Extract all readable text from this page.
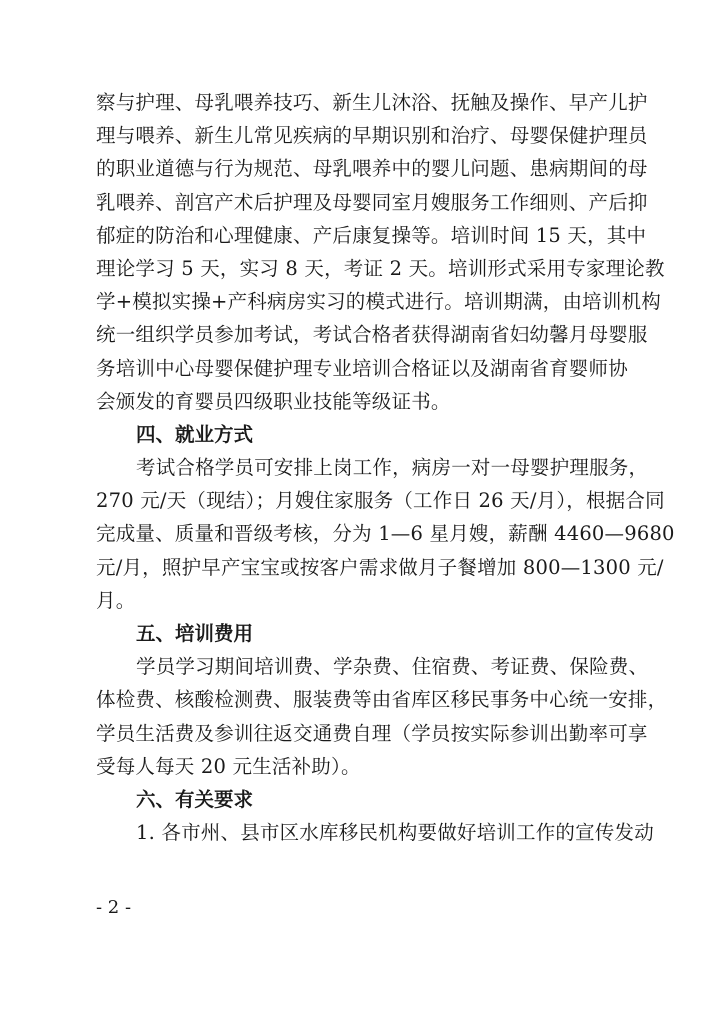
察与护理、母乳喂养技巧、新生儿沐浴、抚触及操作、早产儿护
理与喂养、新生儿常见疾病的早期识别和治疗、母婴保健护理员
的职业道德与行为规范、母乳喂养中的婴儿问题、患病期间的母
乳喂养、剖宫产术后护理及母婴同室月嫂服务工作细则、产后抑
郁症的防治和心理健康、产后康复操等。培训时间 15 天，其中
理论学习 5 天，实习 8 天，考证 2 天。培训形式采用专家理论教
学+模拟实操+产科病房实习的模式进行。培训期满，由培训机构
统一组织学员参加考试，考试合格者获得湖南省妇幼馨月母婴服
务培训中心母婴保健护理专业培训合格证以及湖南省育婴师协
会颁发的育婴员四级职业技能等级证书。
四、就业方式
考试合格学员可安排上岗工作，病房一对一母婴护理服务，
270 元/天（现结）；月嫂住家服务（工作日 26 天/月），根据合同
完成量、质量和晋级考核，分为 1—6 星月嫂，薪酬 4460—9680
元/月，照护早产宝宝或按客户需求做月子餐增加 800—1300 元/
月。
五、培训费用
学员学习期间培训费、学杂费、住宿费、考证费、保险费、
体检费、核酸检测费、服装费等由省库区移民事务中心统一安排，
学员生活费及参训往返交通费自理（学员按实际参训出勤率可享
受每人每天 20 元生活补助）。
六、有关要求
1. 各市州、县市区水库移民机构要做好培训工作的宣传发动
- 2 -
